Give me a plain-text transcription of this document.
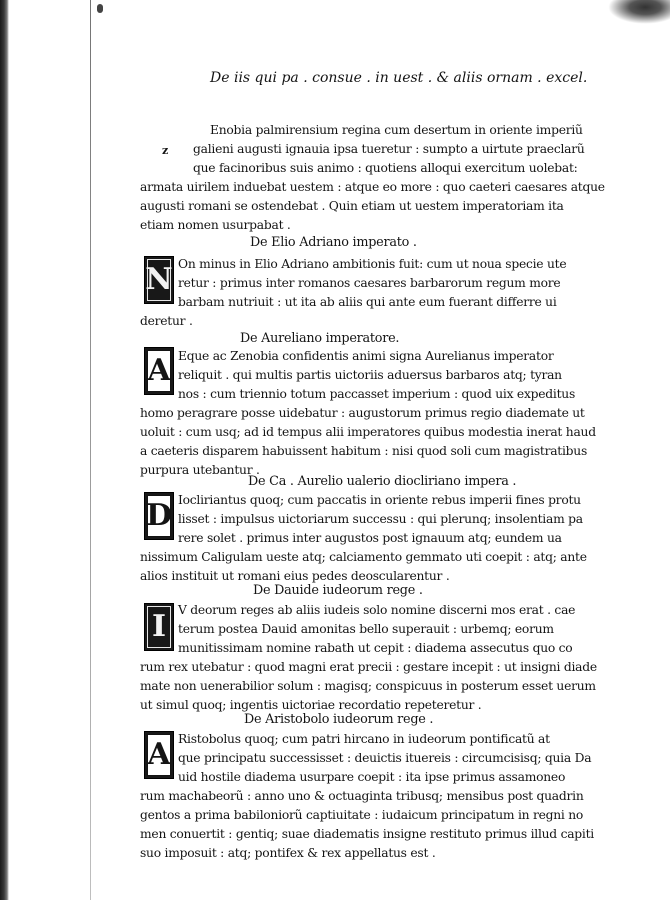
De iis qui pa . consue . in uest . & aliis ornam . excel.
z
Enobia palmirensium regina cum desertum in oriente imperiũ
galieni augusti ignauia ipsa tueretur : sumpto a uirtute praeclarũ
que facinoribus suis animo : quotiens alloqui exercitum uolebat:
armata uirilem induebat uestem : atque eo more : quo caeteri caesares atque
augusti romani se ostendebat . Quin etiam ut uestem imperatoriam ita
etiam nomen usurpabat .
De Elio Adriano imperato .
N On minus in Elio Adriano ambitionis fuit: cum ut noua specie ute
retur : primus inter romanos caesares barbarorum regum more
barbam nutriuit : ut ita ab aliis qui ante eum fuerant differre ui
deretur .
De Aureliano imperatore.
A Eque ac Zenobia confidentis animi signa Aurelianus imperator
reliquit . qui multis partis uictoriis aduersus barbaros atq; tyran
nos : cum triennio totum paccasset imperium : quod uix expeditus
homo peragrare posse uidebatur : augustorum primus regio diademate ut
uoluit : cum usq; ad id tempus alii imperatores quibus modestia inerat haud
a caeteris disparem habuissent habitum : nisi quod soli cum magistratibus
purpura utebantur .
De Ca . Aurelio ualerio diocliriano impera .
D Iocliriantus quoq; cum paccatis in oriente rebus imperii fines protu
lisset : impulsus uictoriarum successu : qui plerunq; insolentiam pa
rere solet . primus inter augustos post ignauum atq; eundem ua
nissimum Caligulam ueste atq; calciamento gemmato uti coepit : atq; ante
alios instituit ut romani eius pedes deoscularentur .
De Dauide iudeorum rege .
I V deorum reges ab aliis iudeis solo nomine discerni mos erat . cae
terum postea Dauid amonitas bello superauit : urbemq; eorum
munitissimam nomine rabath ut cepit : diadema assecutus quo co
rum rex utebatur : quod magni erat precii : gestare incepit : ut insigni diade
mate non uenerabilior solum : magisq; conspicuus in posterum esset uerum
ut simul quoq; ingentis uictoriae recordatio repeteretur .
De Aristobolo iudeorum rege .
A Ristobolus quoq; cum patri hircano in iudeorum pontificatũ at
que principatu successisset : deuictis ituereis : circumcisisq; quia Da
uid hostile diadema usurpare coepit : ita ipse primus assamoneo
rum machabeorũ : anno uno & octuaginta tribusq; mensibus post quadrin
gentos a prima babiloniorũ captiuitate : iudaicum principatum in regni no
men conuertit : gentiq; suae diadematis insigne restituto primus illud capiti
suo imposuit : atq; pontifex & rex appellatus est .
